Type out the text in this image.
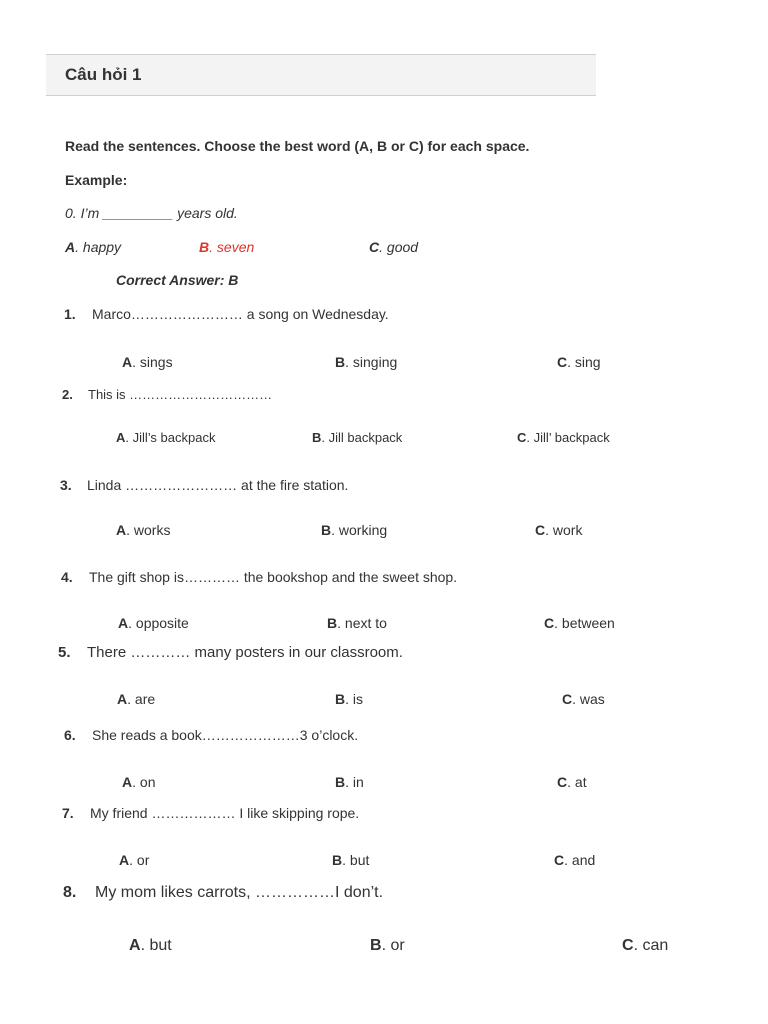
Câu hỏi 1
Read the sentences. Choose the best word (A, B or C) for each space.
Example:
0. I’m _________ years old.
A. happy	B. seven	C. good
Correct Answer: B
1. Marco…………………… a song on Wednesday.
A. sings	B. singing	C. sing
2. This is ……………………………
A. Jill’s backpack	B. Jill backpack	C. Jill’ backpack
3. Linda …………………… at the fire station.
A. works	B. working	C. work
4. The gift shop is………… the bookshop and the sweet shop.
A. opposite	B. next to	C. between
5. There ………… many posters in our classroom.
A. are	B. is	C. was
6. She reads a book…………………3 o’clock.
A. on	B. in	C. at
7. My friend ……………… I like skipping rope.
A. or	B. but	C. and
8. My mom likes carrots, ……………I don’t.
A. but	B. or	C. can
